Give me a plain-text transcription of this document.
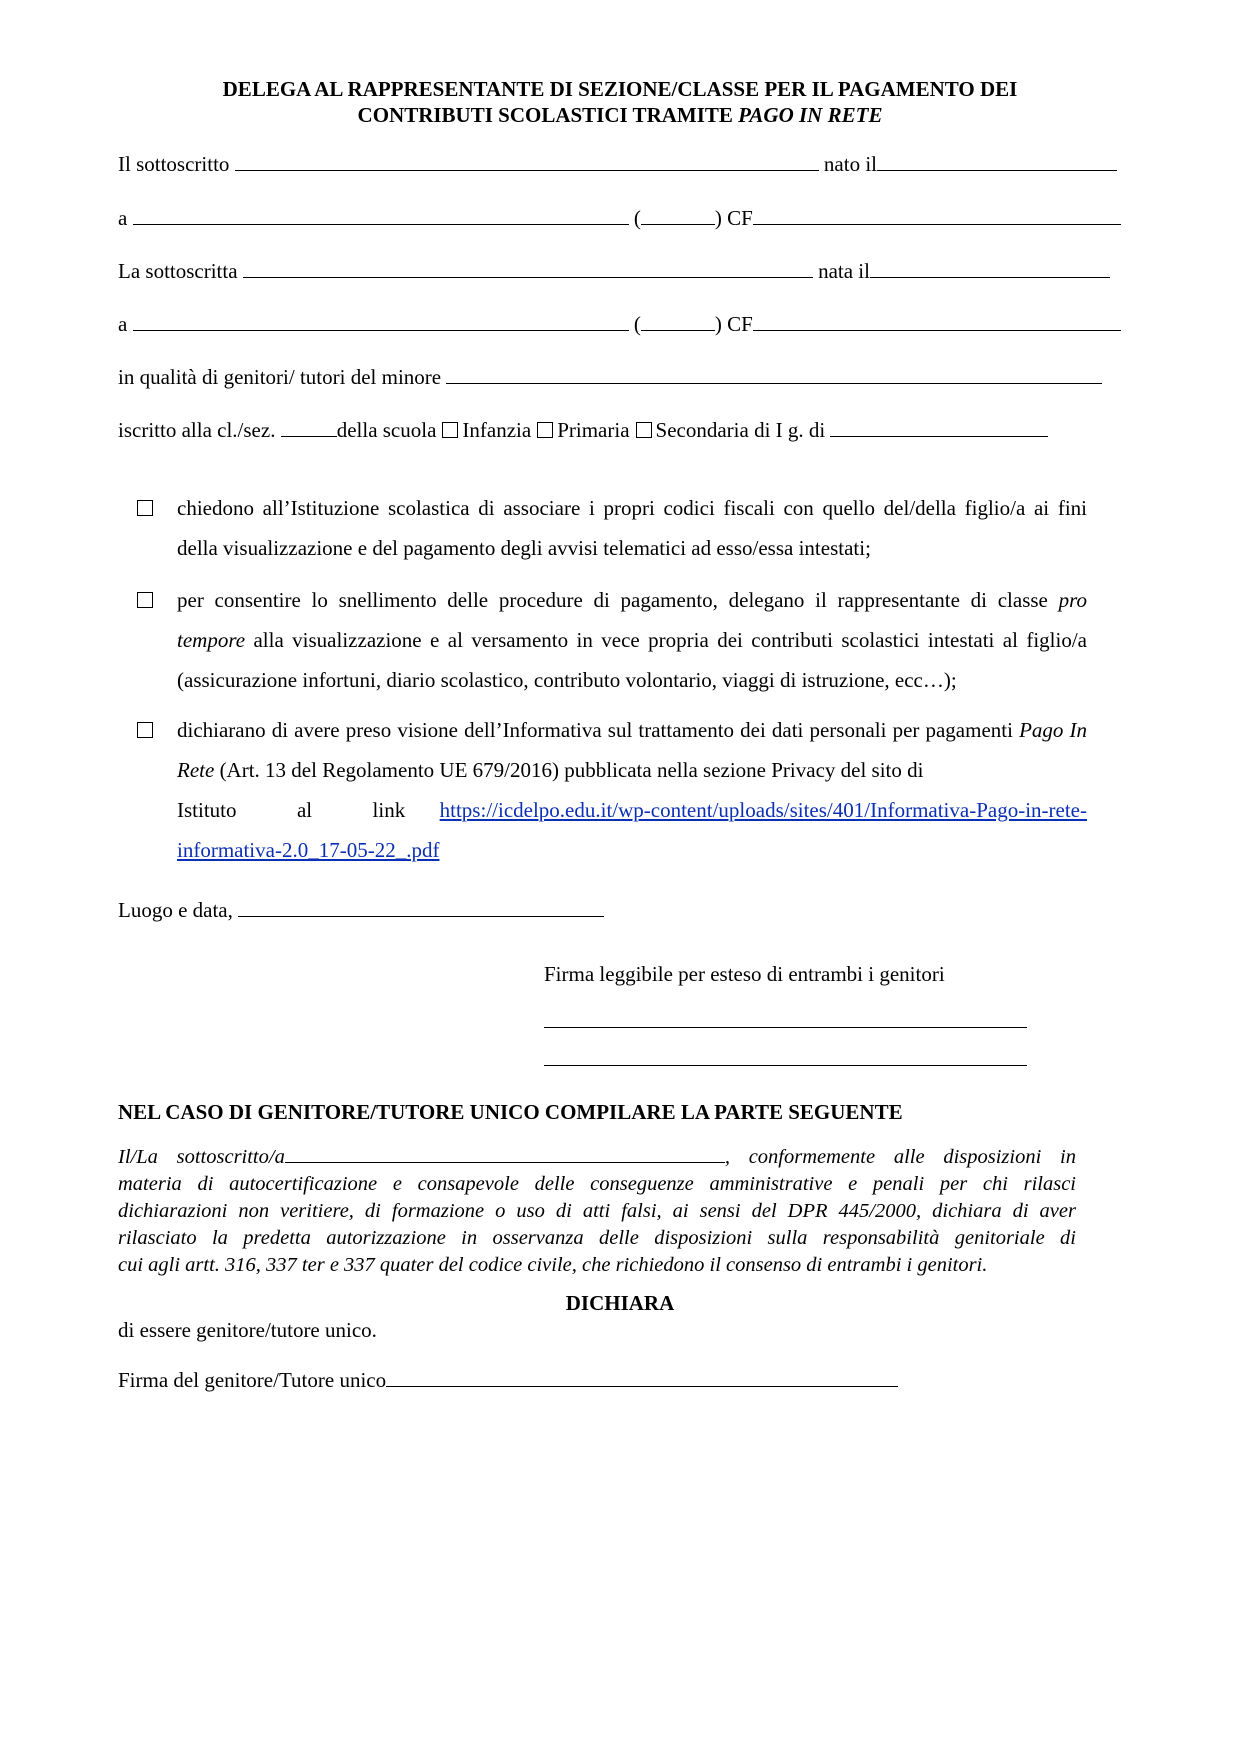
DELEGA AL RAPPRESENTANTE DI SEZIONE/CLASSE PER IL PAGAMENTO DEI
CONTRIBUTI SCOLASTICI TRAMITE PAGO IN RETE
Il sottoscritto	nato il
a	(	) CF
La sottoscritta	nata il
a	(	) CF
in qualità di genitori/ tutori del minore
iscritto alla cl./sez.	della scuola Infanzia Primaria Secondaria di I g. di
chiedono all’Istituzione scolastica di associare i propri codici fiscali con quello del/della figlio/a ai fini
della visualizzazione e del pagamento degli avvisi telematici ad esso/essa intestati;
per consentire lo snellimento delle procedure di pagamento, delegano il rappresentante di classe pro tempore alla visualizzazione e al versamento in vece propria dei contributi scolastici intestati al figlio/a (assicurazione infortuni, diario scolastico, contributo volontario, viaggi di istruzione, ecc…);
dichiarano di avere preso visione dell’Informativa sul trattamento dei dati personali per pagamenti Pago In Rete (Art. 13 del Regolamento UE 679/2016) pubblicata nella sezione Privacy del sito di
Istituto al link https://icdelpo.edu.it/wp-content/uploads/sites/401/Informativa-Pago-in-rete-
informativa-2.0_17-05-22_.pdf
Luogo e data,
Firma leggibile per esteso di entrambi i genitori
NEL CASO DI GENITORE/TUTORE UNICO COMPILARE LA PARTE SEGUENTE
Il/La sottoscritto/a	, conformemente alle disposizioni in
materia di autocertificazione e consapevole delle conseguenze amministrative e penali per chi rilasci
dichiarazioni non veritiere, di formazione o uso di atti falsi, ai sensi del DPR 445/2000, dichiara di aver
rilasciato la predetta autorizzazione in osservanza delle disposizioni sulla responsabilità genitoriale di
cui agli artt. 316, 337 ter e 337 quater del codice civile, che richiedono il consenso di entrambi i genitori.
DICHIARA
di essere genitore/tutore unico.
Firma del genitore/Tutore unico
